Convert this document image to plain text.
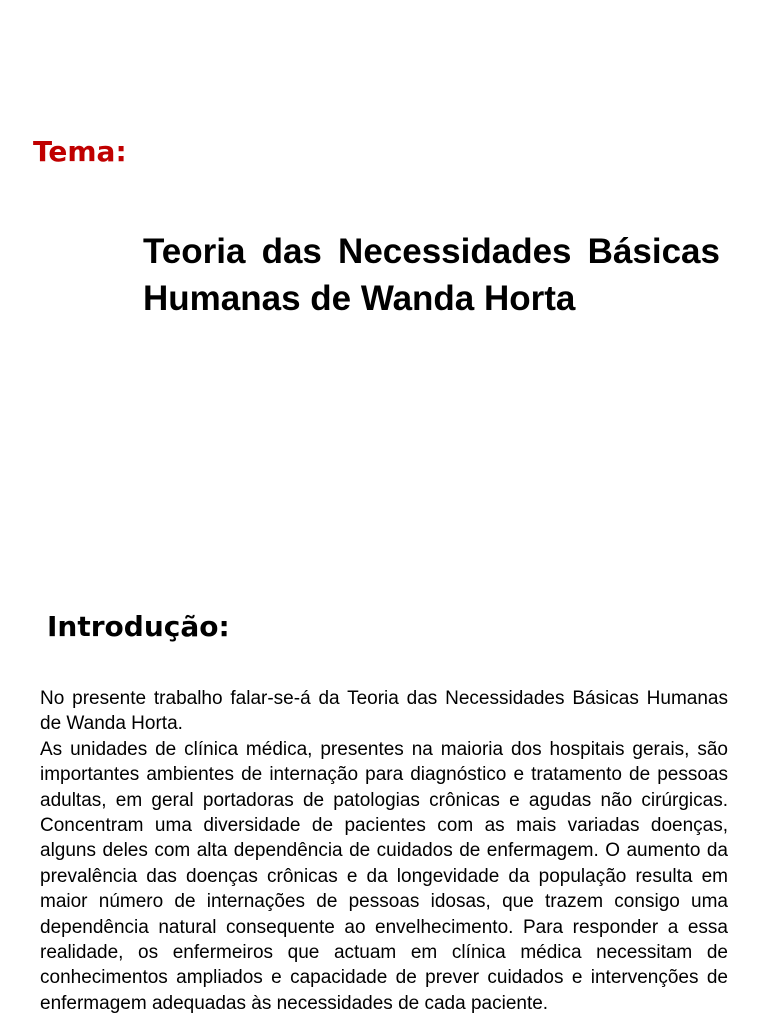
Tema:
Teoria das Necessidades Básicas Humanas de Wanda Horta
Introdução:

No presente trabalho falar-se-á da Teoria das Necessidades Básicas Humanas de Wanda Horta.

As unidades de clínica médica, presentes na maioria dos hospitais gerais, são importantes ambientes de internação para diagnóstico e tratamento de pessoas adultas, em geral portadoras de patologias crônicas e agudas não cirúrgicas. Concentram uma diversidade de pacientes com as mais variadas doenças, alguns deles com alta dependência de cuidados de enfermagem. O aumento da prevalência das doenças crônicas e da longevidade da população resulta em maior número de internações de pessoas idosas, que trazem consigo uma dependência natural consequente ao envelhecimento. Para responder a essa realidade, os enfermeiros que actuam em clínica médica necessitam de conhecimentos ampliados e capacidade de prever cuidados e intervenções de enfermagem adequadas às necessidades de cada paciente.
